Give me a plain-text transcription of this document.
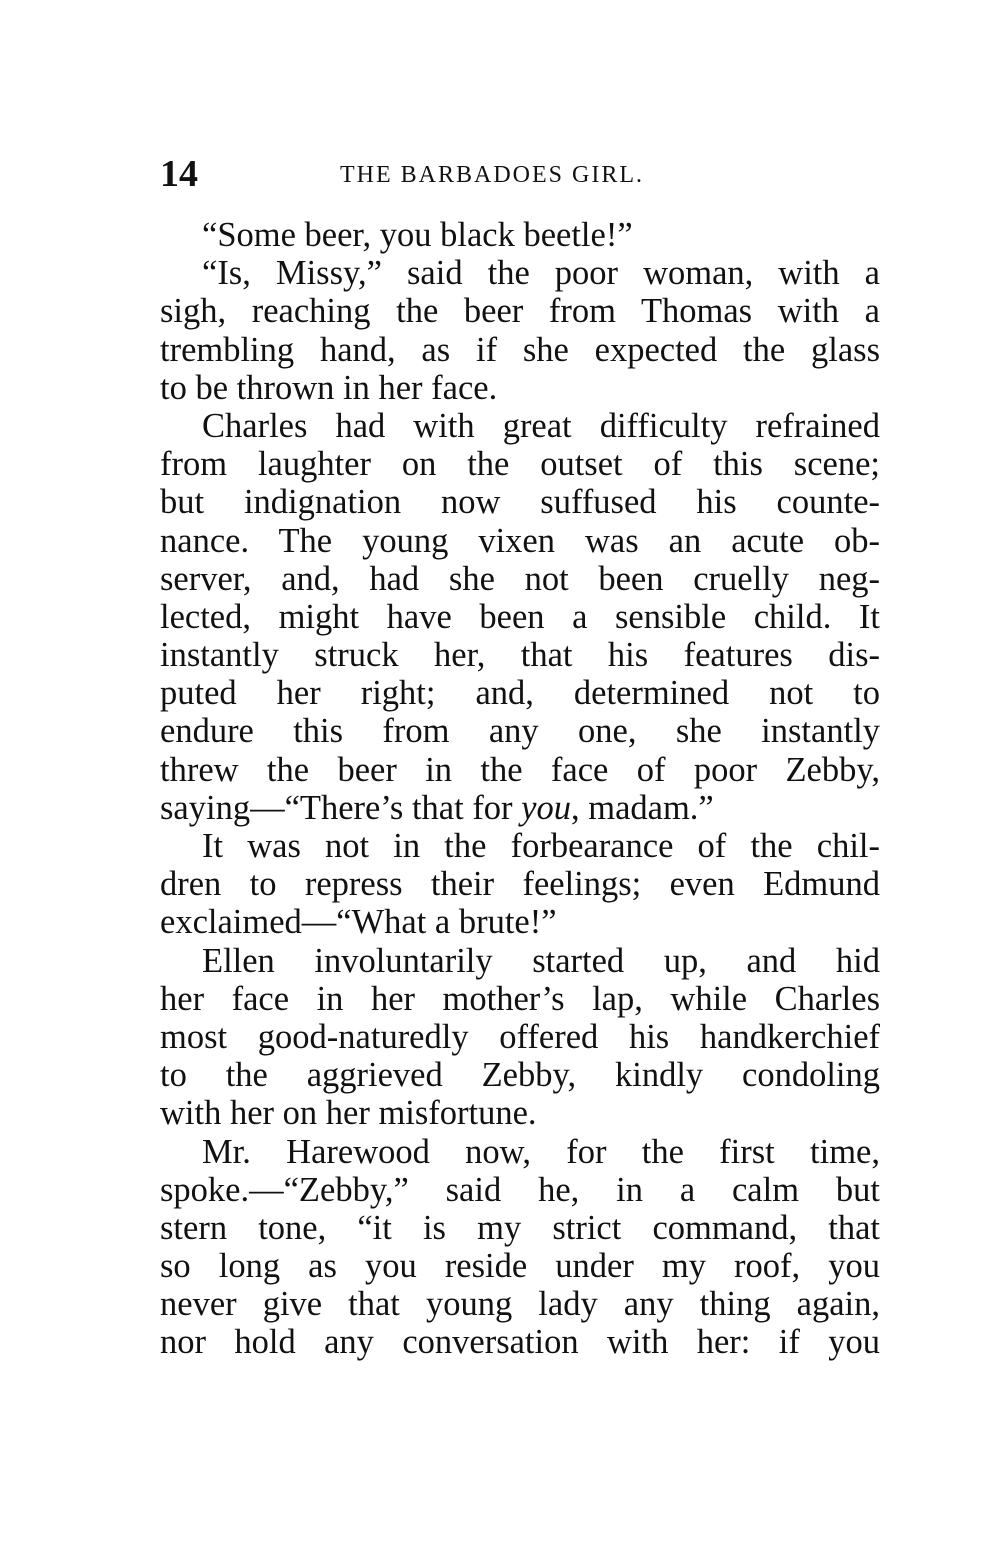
14	THE BARBADOES GIRL.
“Some beer, you black beetle!”
“Is, Missy,” said the poor woman, with a
sigh, reaching the beer from Thomas with a
trembling hand, as if she expected the glass
to be thrown in her face.
Charles had with great difficulty refrained
from laughter on the outset of this scene;
but indignation now suffused his counte-
nance. The young vixen was an acute ob-
server, and, had she not been cruelly neg-
lected, might have been a sensible child. It
instantly struck her, that his features dis-
puted her right; and, determined not to
endure this from any one, she instantly
threw the beer in the face of poor Zebby,
saying—“There’s that for you, madam.”
It was not in the forbearance of the chil-
dren to repress their feelings; even Edmund
exclaimed—“What a brute!”
Ellen involuntarily started up, and hid
her face in her mother’s lap, while Charles
most good-naturedly offered his handkerchief
to the aggrieved Zebby, kindly condoling
with her on her misfortune.
Mr. Harewood now, for the first time,
spoke.—“Zebby,” said he, in a calm but
stern tone, “it is my strict command, that
so long as you reside under my roof, you
never give that young lady any thing again,
nor hold any conversation with her: if you
